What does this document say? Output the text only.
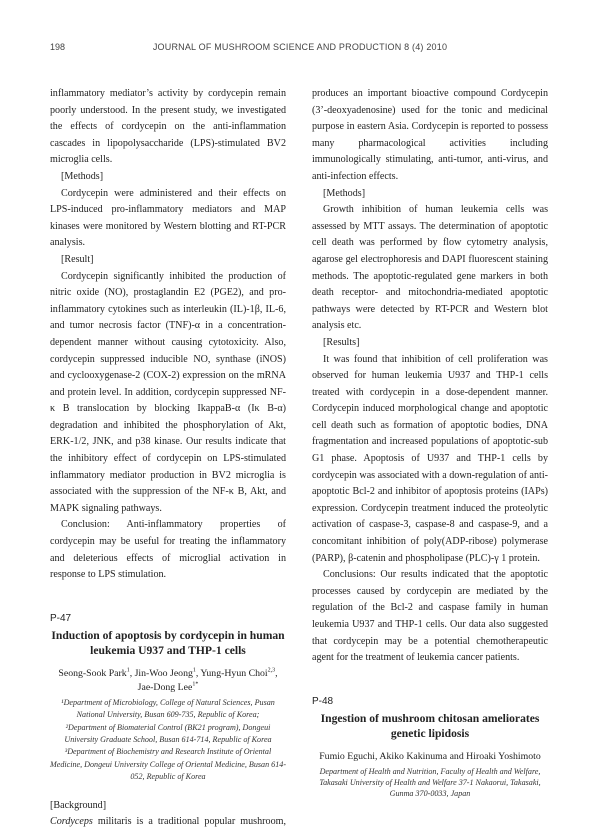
198	JOURNAL OF MUSHROOM SCIENCE AND PRODUCTION 8 (4) 2010

inflammatory mediator’s activity by cordycepin remain poorly understood. In the present study, we investigated the effects of cordycepin on the anti-inflammation cascades in lipopolysaccharide (LPS)-stimulated BV2 microglia cells.

[Methods]

Cordycepin were administered and their effects on LPS-induced pro-inflammatory mediators and MAP kinases were monitored by Western blotting and RT-PCR analysis.

[Result]

Cordycepin significantly inhibited the production of nitric oxide (NO), prostaglandin E2 (PGE2), and pro-inflammatory cytokines such as interleukin (IL)-1β, IL-6, and tumor necrosis factor (TNF)-α in a concentration-dependent manner without causing cytotoxicity. Also, cordycepin suppressed inducible NO, synthase (iNOS) and cyclooxygenase-2 (COX-2) expression on the mRNA and protein level. In addition, cordycepin suppressed NF-κ B translocation by blocking IkappaB-α (Iκ B-α) degradation and inhibited the phosphorylation of Akt, ERK-1/2, JNK, and p38 kinase. Our results indicate that the inhibitory effect of cordycepin on LPS-stimulated inflammatory mediator production in BV2 microglia is associated with the suppression of the NF-κ B, Akt, and MAPK signaling pathways.

Conclusion: Anti-inflammatory properties of cordycepin may be useful for treating the inflammatory and deleterious effects of microglial activation in response to LPS stimulation.

P-47
Induction of apoptosis by cordycepin in human leukemia U937 and THP-1 cells
Seong-Sook Park$^1$, Jin-Woo Jeong$^1$, Yung-Hyun Choi$^{2,3}$,
Jae-Dong Lee$^{1*}$
¹Department of Microbiology, College of Natural Sciences, Pusan National University, Busan 609-735, Republic of Korea;
²Department of Biomaterial Control (BK21 program), Dongeui University Graduate School, Busan 614-714, Republic of Korea
³Department of Biochemistry and Research Institute of Oriental Medicine, Dongeui University College of Oriental Medicine, Busan 614-052, Republic of Korea

[Background]

Cordyceps militaris is a traditional popular mushroom,

produces an important bioactive compound Cordycepin (3’-deoxyadenosine) used for the tonic and medicinal purpose in eastern Asia. Cordycepin is reported to possess many pharmacological activities including immunologically stimulating, anti-tumor, anti-virus, and anti-infection effects.

[Methods]

Growth inhibition of human leukemia cells was assessed by MTT assays. The determination of apoptotic cell death was performed by flow cytometry analysis, agarose gel electrophoresis and DAPI fluorescent staining methods. The apoptotic-regulated gene markers in both death receptor- and mitochondria-mediated apoptotic pathways were detected by RT-PCR and Western blot analysis etc.

[Results]

It was found that inhibition of cell proliferation was observed for human leukemia U937 and THP-1 cells treated with cordycepin in a dose-dependent manner. Cordycepin induced morphological change and apoptotic cell death such as formation of apoptotic bodies, DNA fragmentation and increased populations of apoptotic-sub G1 phase. Apoptosis of U937 and THP-1 cells by cordycepin was associated with a down-regulation of anti-apoptotic Bcl-2 and inhibitor of apoptosis proteins (IAPs) expression. Cordycepin treatment induced the proteolytic activation of caspase-3, caspase-8 and caspase-9, and a concomitant inhibition of poly(ADP-ribose) polymerase (PARP), β-catenin and phospholipase (PLC)-γ 1 protein.

Conclusions: Our results indicated that the apoptotic processes caused by cordycepin are mediated by the regulation of the Bcl-2 and caspase family in human leukemia U937 and THP-1 cells. Our data also suggested that cordycepin may be a potential chemotherapeutic agent for the treatment of leukemia cancer patients.

P-48
Ingestion of mushroom chitosan ameliorates genetic lipidosis
Fumio Eguchi, Akiko Kakinuma and Hiroaki Yoshimoto
Department of Health and Nutrition, Faculty of Health and Welfare,
Takasaki University of Health and Welfare 37-1 Nakaorui, Takasaki,
Gunma 370-0033, Japan
